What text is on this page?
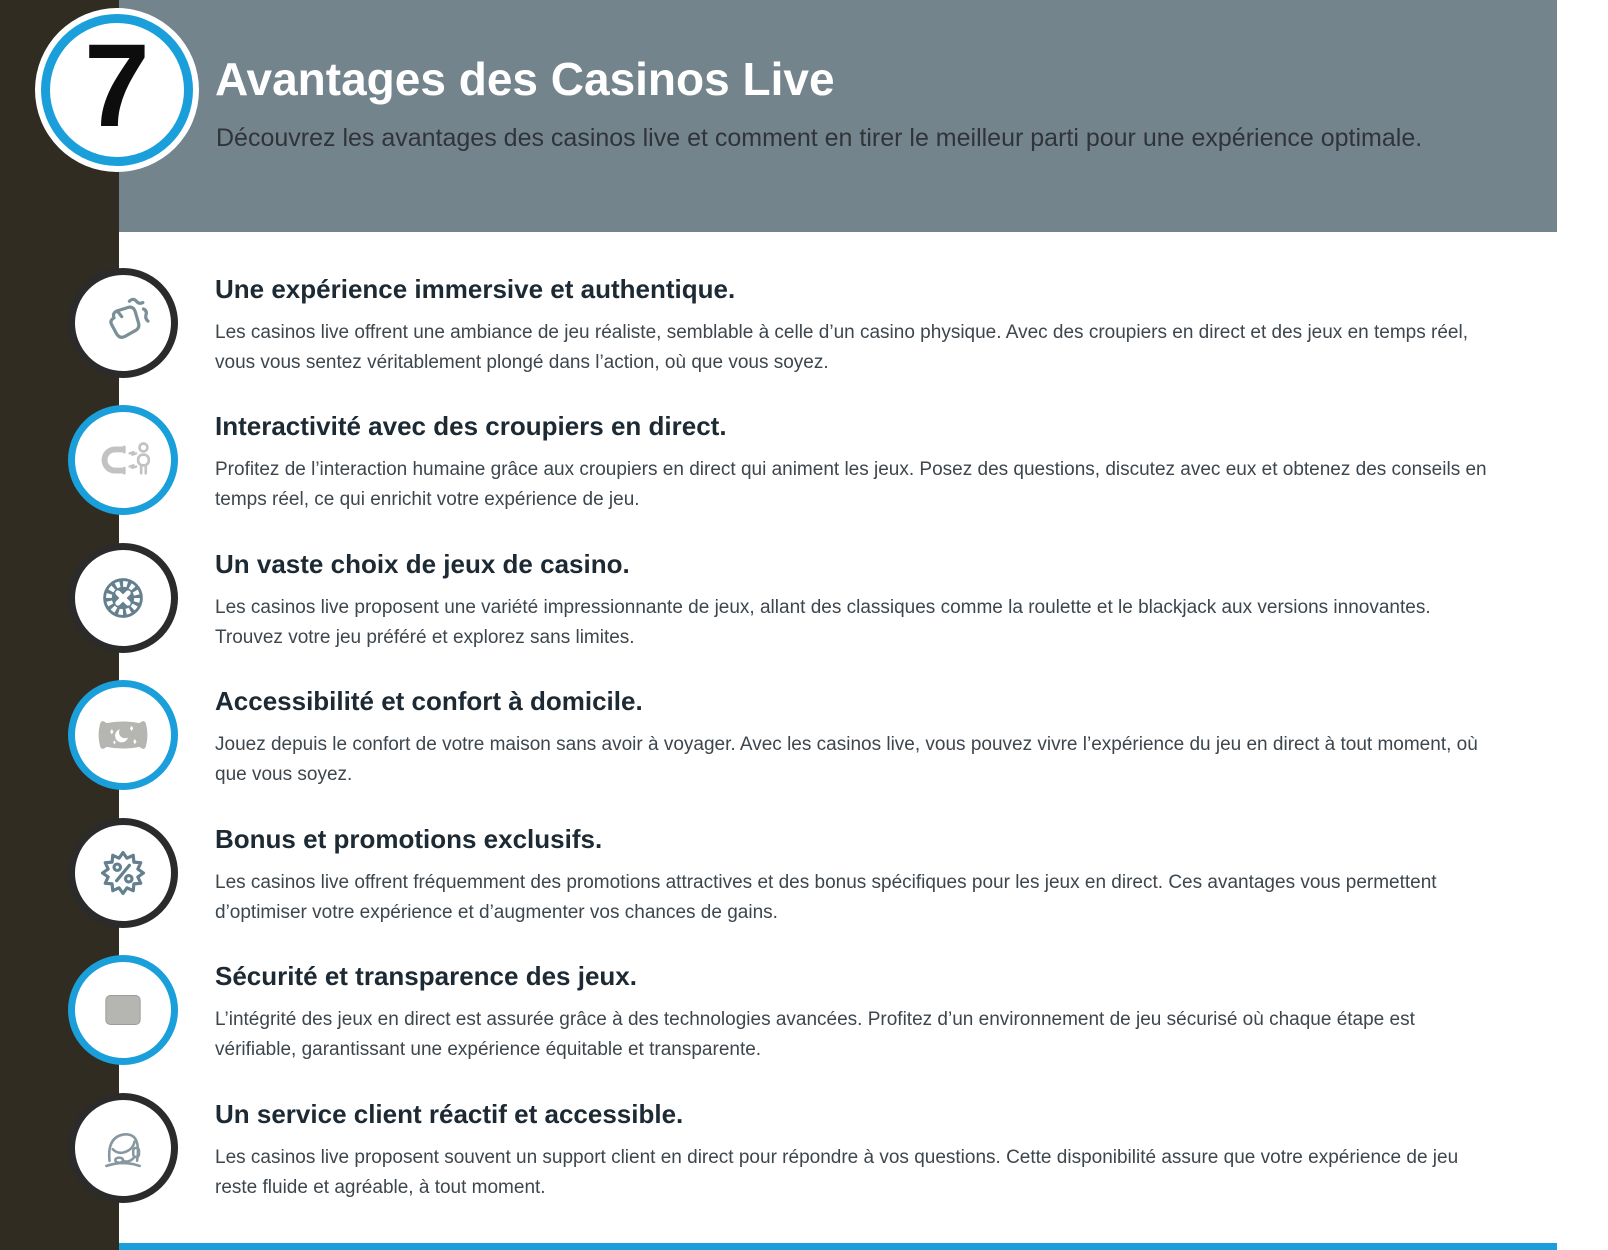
Avantages des Casinos Live
Découvrez les avantages des casinos live et comment en tirer le meilleur parti pour une expérience optimale.
7
Une expérience immersive et authentique.
Les casinos live offrent une ambiance de jeu réaliste, semblable à celle d’un casino physique. Avec des croupiers en direct et des jeux en temps réel, vous vous sentez véritablement plongé dans l’action, où que vous soyez.
Interactivité avec des croupiers en direct.
Profitez de l’interaction humaine grâce aux croupiers en direct qui animent les jeux. Posez des questions, discutez avec eux et obtenez des conseils en temps réel, ce qui enrichit votre expérience de jeu.
Un vaste choix de jeux de casino.
Les casinos live proposent une variété impressionnante de jeux, allant des classiques comme la roulette et le blackjack aux versions innovantes. Trouvez votre jeu préféré et explorez sans limites.
Accessibilité et confort à domicile.
Jouez depuis le confort de votre maison sans avoir à voyager. Avec les casinos live, vous pouvez vivre l’expérience du jeu en direct à tout moment, où que vous soyez.
Bonus et promotions exclusifs.
Les casinos live offrent fréquemment des promotions attractives et des bonus spécifiques pour les jeux en direct. Ces avantages vous permettent d’optimiser votre expérience et d’augmenter vos chances de gains.
Sécurité et transparence des jeux.
L’intégrité des jeux en direct est assurée grâce à des technologies avancées. Profitez d’un environnement de jeu sécurisé où chaque étape est vérifiable, garantissant une expérience équitable et transparente.
Un service client réactif et accessible.
Les casinos live proposent souvent un support client en direct pour répondre à vos questions. Cette disponibilité assure que votre expérience de jeu reste fluide et agréable, à tout moment.
